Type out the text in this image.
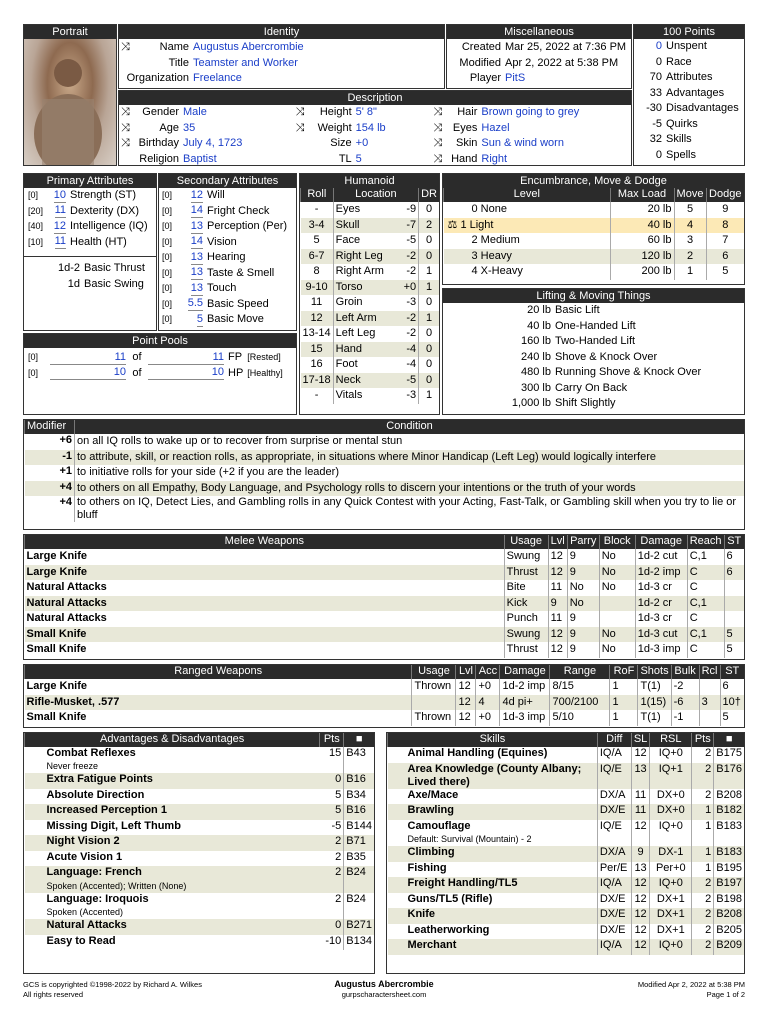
Portrait	Identity
⤨ Name	Augustus Abercrombie
Title	Teamster and Worker
Organization	Freelance
Miscellaneous
Created	Mar 25, 2022 at 7:36 PM
Modified	Apr 2, 2022 at 5:38 PM
Player	PitS
100 Points
0	Unspent
0	Race
70	Attributes
33	Advantages
-30	Disadvantages
-5	Quirks
32	Skills
0	Spells
Description
⤨ Gender	Male

⤨ Age	35

⤨ Birthday	July 4, 1723
Religion	Baptist
⤨ Height	5' 8"

⤨ Weight	154 lb
Size	+0
TL	5
⤨ Hair	Brown going to grey

⤨ Eyes	Hazel

⤨ Skin	Sun & wind worn

⤨ Hand	Right
Primary Attributes
[0]	10	Strength (ST)
[20]	11	Dexterity (DX)
[40]	12	Intelligence (IQ)
[10]	11	Health (HT)
1d-2	Basic Thrust
1d	Basic Swing
Secondary Attributes
[0]	12	Will
[0]	14	Fright Check
[0]	13	Perception (Per)
[0]	14	Vision
[0]	13	Hearing
[0]	13	Taste & Smell
[0]	13	Touch
[0]	5.5	Basic Speed
[0]	5	Basic Move
Point Pools
[0]	11	of	11	FP	[Rested]
[0]	10	of	10	HP	[Healthy]
Humanoid
Roll	Location		DR
-	Eyes	-9	0
3-4	Skull	-7	2
5	Face	-5	0
6-7	Right Leg	-2	0
8	Right Arm	-2	1
9-10	Torso	+0	1
11	Groin	-3	0
12	Left Arm	-2	1
13-14	Left Leg	-2	0
15	Hand	-4	0
16	Foot	-4	0
17-18	Neck	-5	0
-	Vitals	-3	1
Encumbrance, Move & Dodge
Level	Max Load	Move	Dodge
0 None	20 lb	5	9
⚖ 1 Light	40 lb	4	8
2 Medium	60 lb	3	7
3 Heavy	120 lb	2	6
4 X-Heavy	200 lb	1	5
Lifting & Moving Things
20 lb	Basic Lift
40 lb	One-Handed Lift
160 lb	Two-Handed Lift
240 lb	Shove & Knock Over
480 lb	Running Shove & Knock Over
300 lb	Carry On Back
1,000 lb	Shift Slightly
Modifier	Condition
+6	on all IQ rolls to wake up or to recover from surprise or mental stun
-1	to attribute, skill, or reaction rolls, as appropriate, in situations where Minor Handicap (Left Leg) would logically interfere
+1	to initiative rolls for your side (+2 if you are the leader)
+4	to others on all Empathy, Body Language, and Psychology rolls to discern your intentions or the truth of your words
+4	to others on IQ, Detect Lies, and Gambling rolls in any Quick Contest with your Acting, Fast-Talk, or Gambling skill when you try to lie or bluff
Melee Weapons	Usage	Lvl	Parry	Block	Damage	Reach	ST
Large Knife	Swung	12	9	No	1d-2 cut	C,1	6
Large Knife	Thrust	12	9	No	1d-2 imp	C	6
Natural Attacks	Bite	11	No	No	1d-3 cr	C	
Natural Attacks	Kick	9	No		1d-2 cr	C,1	
Natural Attacks	Punch	11	9		1d-3 cr	C	
Small Knife	Swung	12	9	No	1d-3 cut	C,1	5
Small Knife	Thrust	12	9	No	1d-3 imp	C	5
Ranged Weapons	Usage	Lvl	Acc	Damage	Range	RoF	Shots	Bulk	Rcl	ST
Large Knife	Thrown	12	+0	1d-2 imp	8/15	1	T(1)	-2		6
Rifle-Musket, .577		12	4	4d pi+	700/2100	1	1(15)	-6	3	10†
Small Knife	Thrown	12	+0	1d-3 imp	5/10	1	T(1)	-1		5
Advantages & Disadvantages	Pts	■
Combat Reflexes
Never freeze	15	B43
Extra Fatigue Points	0	B16
Absolute Direction	5	B34
Increased Perception 1	5	B16
Missing Digit, Left Thumb	-5	B144
Night Vision 2	2	B71
Acute Vision 1	2	B35
Language: French
Spoken (Accented); Written (None)	2	B24
Language: Iroquois
Spoken (Accented)	2	B24
Natural Attacks	0	B271
Easy to Read	-10	B134
Skills	Diff	SL	RSL	Pts	■
Animal Handling (Equines)	IQ/A	12	IQ+0	2	B175
Area Knowledge (County Albany; Lived there)	IQ/E	13	IQ+1	2	B176
Axe/Mace	DX/A	11	DX+0	2	B208
Brawling	DX/E	11	DX+0	1	B182
Camouflage
Default: Survival (Mountain) - 2	IQ/E	12	IQ+0	1	B183
Climbing	DX/A	9	DX-1	1	B183
Fishing	Per/E	13	Per+0	1	B195
Freight Handling/TL5	IQ/A	12	IQ+0	2	B197
Guns/TL5 (Rifle)	DX/E	12	DX+1	2	B198
Knife	DX/E	12	DX+1	2	B208
Leatherworking	DX/E	12	DX+1	2	B205
Merchant	IQ/A	12	IQ+0	2	B209
GCS is copyrighted ©1998-2022 by Richard A. Wilkes
All rights reserved
Augustus Abercrombie
gurpscharactersheet.com
Modified Apr 2, 2022 at 5:38 PM
Page 1 of 2
